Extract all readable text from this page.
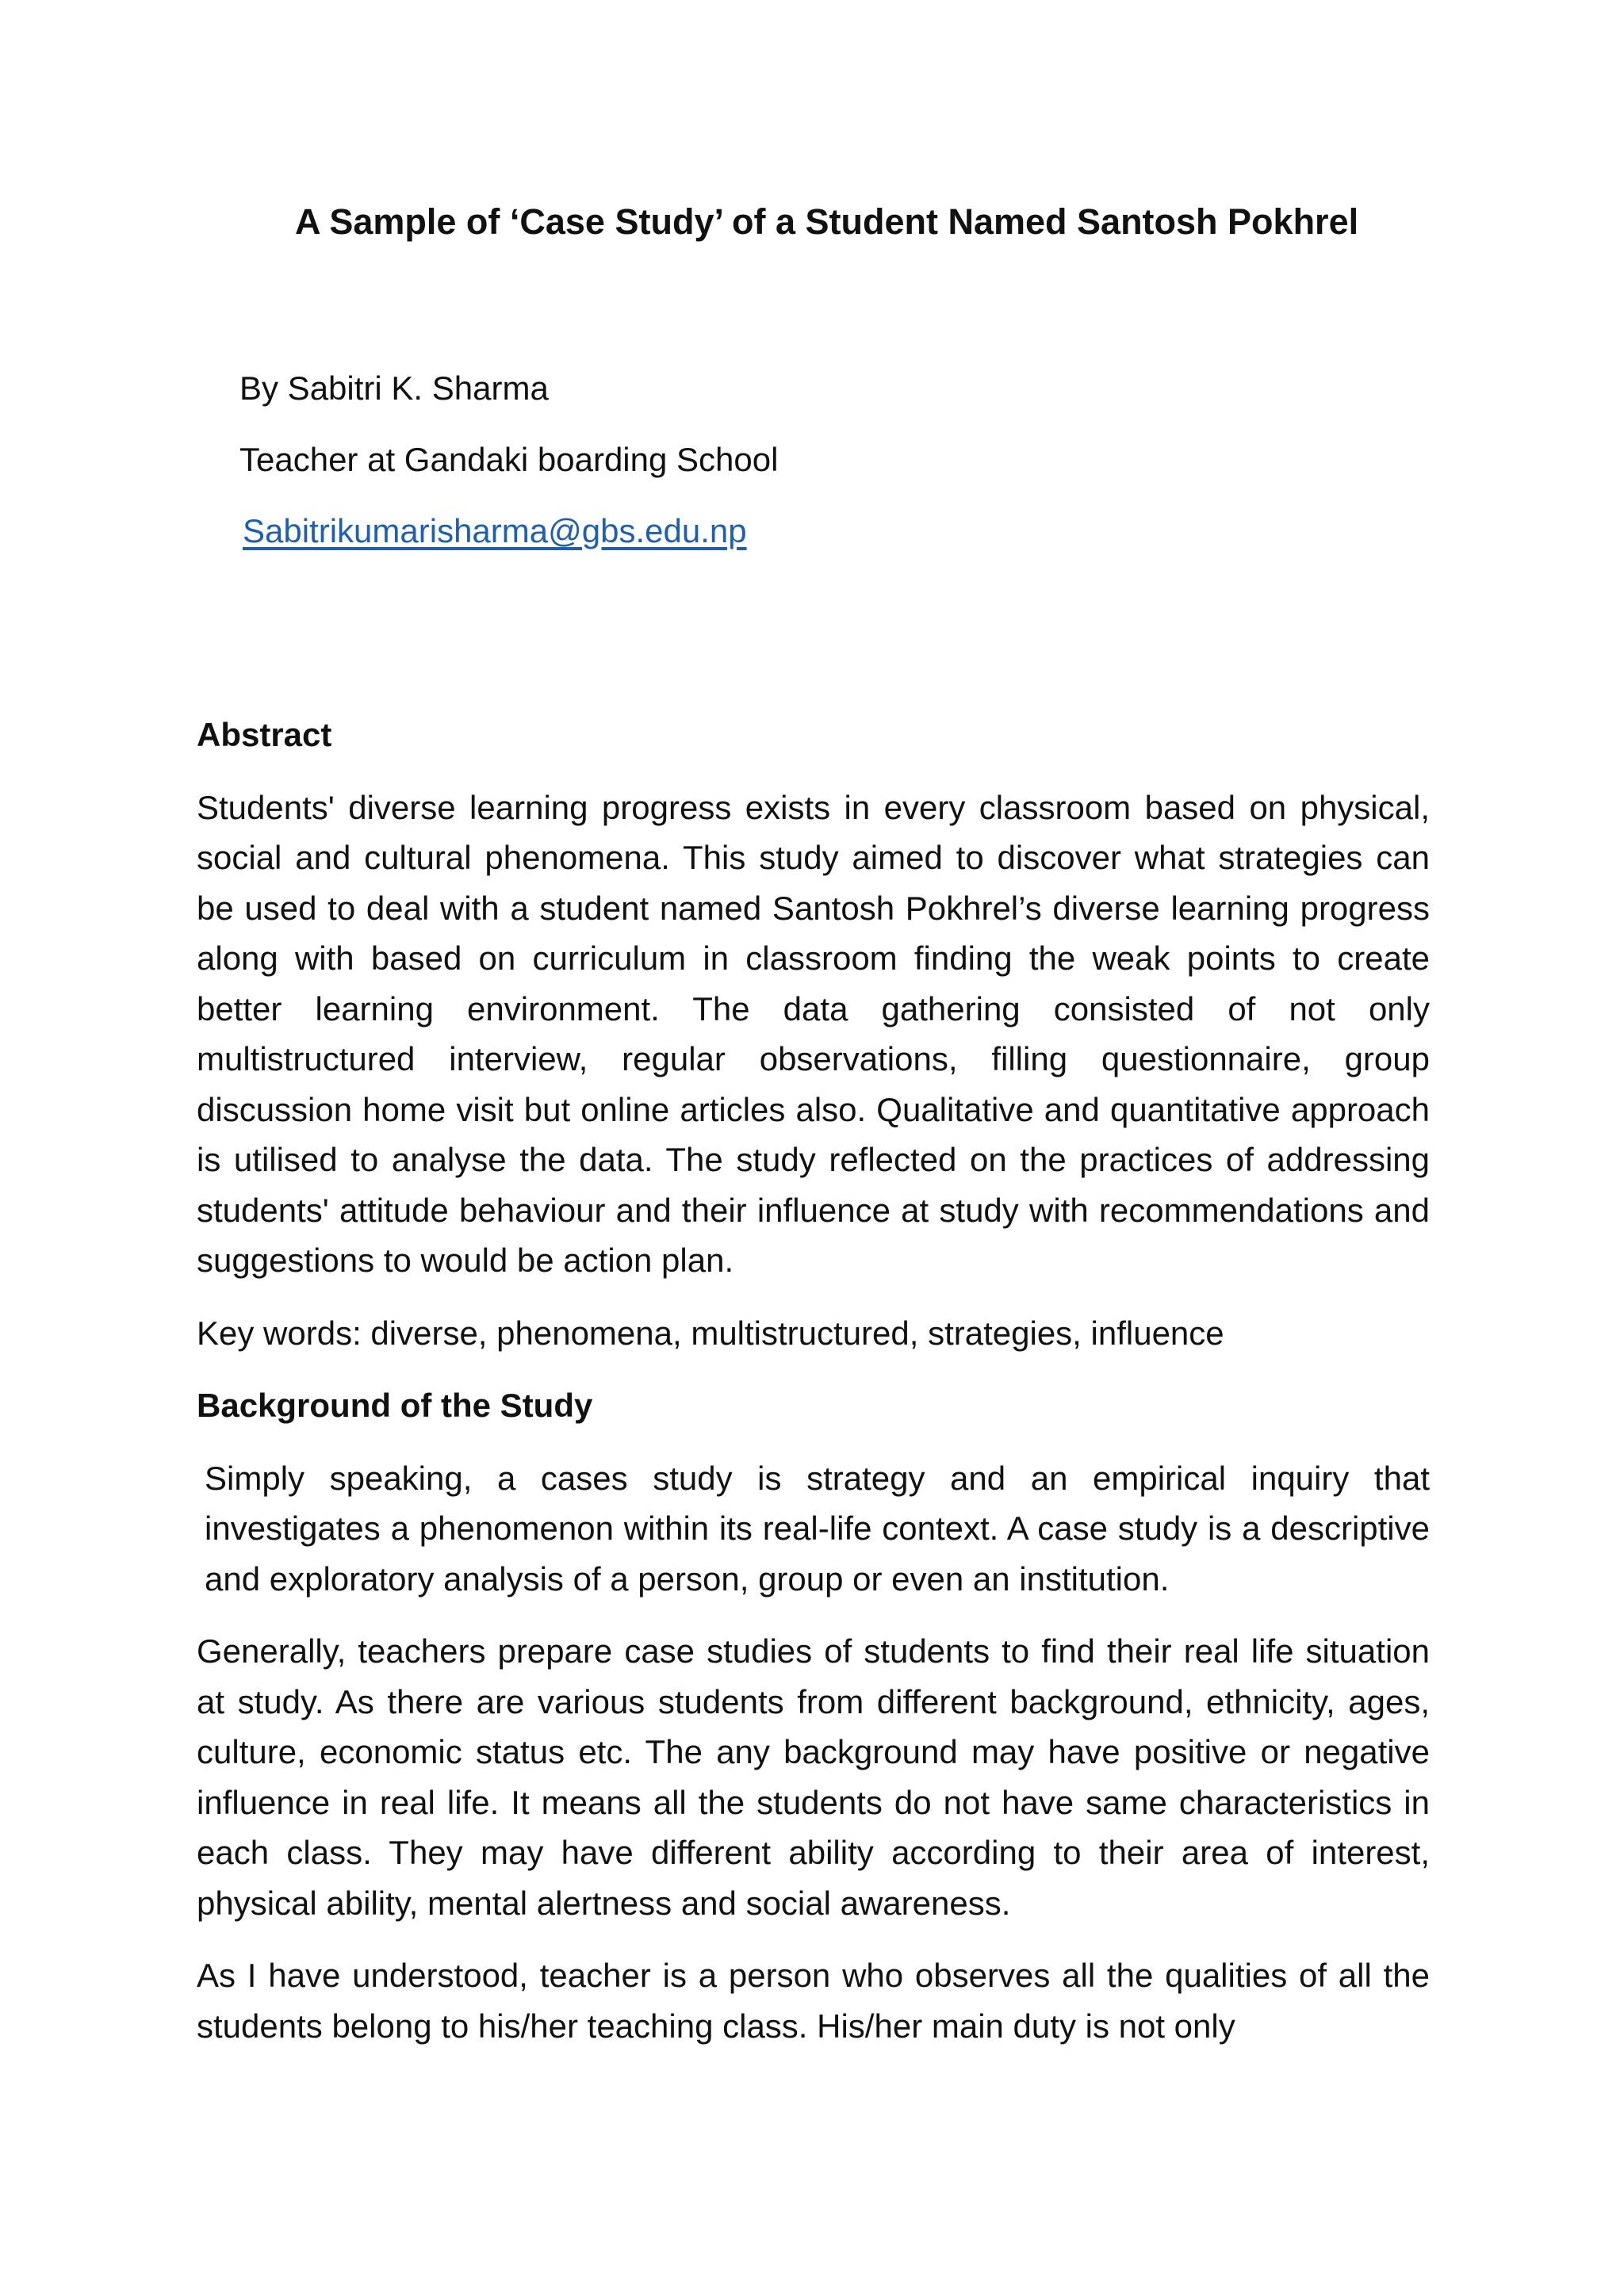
A Sample of ‘Case Study’ of a Student Named Santosh Pokhrel
By Sabitri K. Sharma
Teacher at Gandaki boarding School
Sabitrikumarisharma@gbs.edu.np
Abstract

Students' diverse learning progress exists in every classroom based on physical, social and cultural phenomena. This study aimed to discover what strategies can be used to deal with a student named Santosh Pokhrel’s diverse learning progress along with based on curriculum in classroom finding the weak points to create better learning environment. The data gathering consisted of not only multistructured interview, regular observations, filling questionnaire, group discussion home visit but online articles also. Qualitative and quantitative approach is utilised to analyse the data. The study reflected on the practices of addressing students' attitude behaviour and their influence at study with recommendations and suggestions to would be action plan.

Key words: diverse, phenomena, multistructured, strategies, influence

Background of the Study

Simply speaking, a cases study is strategy and an empirical inquiry that investigates a phenomenon within its real-life context. A case study is a descriptive and exploratory analysis of a person, group or even an institution.

Generally, teachers prepare case studies of students to find their real life situation at study. As there are various students from different background, ethnicity, ages, culture, economic status etc. The any background may have positive or negative influence in real life. It means all the students do not have same characteristics in each class. They may have different ability according to their area of interest, physical ability, mental alertness and social awareness.

As I have understood, teacher is a person who observes all the qualities of all the students belong to his/her teaching class. His/her main duty is not only
